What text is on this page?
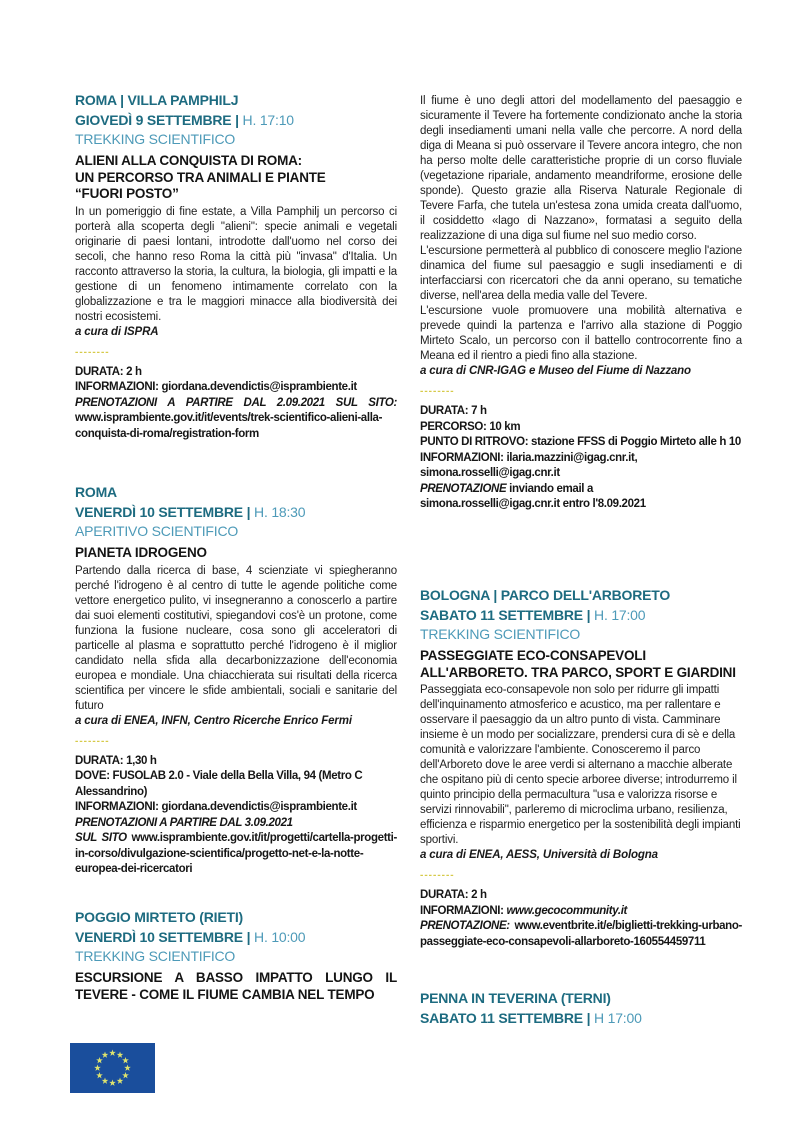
ROMA | VILLA PAMPHILJ
GIOVEDÌ 9 SETTEMBRE | H. 17:10
TREKKING SCIENTIFICO
ALIENI ALLA CONQUISTA DI ROMA:
UN PERCORSO TRA ANIMALI E PIANTE
“FUORI POSTO”
In un pomeriggio di fine estate, a Villa Pamphilj un percorso ci porterà alla scoperta degli "alieni": specie animali e vegetali originarie di paesi lontani, introdotte dall'uomo nel corso dei secoli, che hanno reso Roma la città più "invasa" d'Italia. Un racconto attraverso la storia, la cultura, la biologia, gli impatti e la gestione di un fenomeno intimamente correlato con la globalizzazione e tra le maggiori minacce alla biodiversità dei nostri ecosistemi.
a cura di ISPRA
--------
DURATA: 2 h
INFORMAZIONI: giordana.devendictis@isprambiente.it
PRENOTAZIONI A PARTIRE DAL 2.09.2021 SUL SITO:
www.isprambiente.gov.it/it/events/trek-scientifico-alieni-alla-conquista-di-roma/registration-form
ROMA
VENERDÌ 10 SETTEMBRE | H. 18:30
APERITIVO SCIENTIFICO
PIANETA IDROGENO
Partendo dalla ricerca di base, 4 scienziate vi spiegheranno perché l'idrogeno è al centro di tutte le agende politiche come vettore energetico pulito, vi insegneranno a conoscerlo a partire dai suoi elementi costitutivi, spiegandovi cos'è un protone, come funziona la fusione nucleare, cosa sono gli acceleratori di particelle al plasma e soprattutto perché l'idrogeno è il miglior candidato nella sfida alla decarbonizzazione dell'economia europea e mondiale. Una chiacchierata sui risultati della ricerca scientifica per vincere le sfide ambientali, sociali e sanitarie del futuro
a cura di ENEA, INFN, Centro Ricerche Enrico Fermi
--------
DURATA: 1,30 h
DOVE: FUSOLAB 2.0 - Viale della Bella Villa, 94 (Metro C Alessandrino)
INFORMAZIONI: giordana.devendictis@isprambiente.it
PRENOTAZIONI A PARTIRE DAL 3.09.2021
SUL SITO www.isprambiente.gov.it/it/progetti/cartella-progetti-in-corso/divulgazione-scientifica/progetto-net-e-la-notte-europea-dei-ricercatori
POGGIO MIRTETO (RIETI)
VENERDÌ 10 SETTEMBRE | H. 10:00
TREKKING SCIENTIFICO
ESCURSIONE A BASSO IMPATTO LUNGO IL
TEVERE - COME IL FIUME CAMBIA NEL TEMPO
Il fiume è uno degli attori del modellamento del paesaggio e sicuramente il Tevere ha fortemente condizionato anche la storia degli insediamenti umani nella valle che percorre. A nord della diga di Meana si può osservare il Tevere ancora integro, che non ha perso molte delle caratteristiche proprie di un corso fluviale (vegetazione ripariale, andamento meandriforme, erosione delle sponde). Questo grazie alla Riserva Naturale Regionale di Tevere Farfa, che tutela un'estesa zona umida creata dall'uomo, il cosiddetto «lago di Nazzano», formatasi a seguito della realizzazione di una diga sul fiume nel suo medio corso.
L'escursione permetterà al pubblico di conoscere meglio l'azione dinamica del fiume sul paesaggio e sugli insediamenti e di interfacciarsi con ricercatori che da anni operano, su tematiche diverse, nell'area della media valle del Tevere.
L'escursione vuole promuovere una mobilità alternativa e prevede quindi la partenza e l'arrivo alla stazione di Poggio Mirteto Scalo, un percorso con il battello controcorrente fino a Meana ed il rientro a piedi fino alla stazione.
a cura di CNR-IGAG e Museo del Fiume di Nazzano
--------
DURATA: 7 h
PERCORSO: 10 km
PUNTO DI RITROVO: stazione FFSS di Poggio Mirteto alle h 10
INFORMAZIONI: ilaria.mazzini@igag.cnr.it,
simona.rosselli@igag.cnr.it
PRENOTAZIONE inviando email a
simona.rosselli@igag.cnr.it entro l'8.09.2021
BOLOGNA | PARCO DELL'ARBORETO
SABATO 11 SETTEMBRE | H. 17:00
TREKKING SCIENTIFICO
PASSEGGIATE ECO-CONSAPEVOLI
ALL'ARBORETO. TRA PARCO, SPORT E GIARDINI
Passeggiata eco-consapevole non solo per ridurre gli impatti dell'inquinamento atmosferico e acustico, ma per rallentare e osservare il paesaggio da un altro punto di vista. Camminare insieme è un modo per socializzare, prendersi cura di sè e della comunità e valorizzare l'ambiente. Conosceremo il parco dell'Arboreto dove le aree verdi si alternano a macchie alberate che ospitano più di cento specie arboree diverse; introdurremo il quinto principio della permacultura "usa e valorizza risorse e servizi rinnovabili", parleremo di microclima urbano, resilienza, efficienza e risparmio energetico per la sostenibilità degli impianti sportivi.
a cura di ENEA, AESS, Università di Bologna
--------
DURATA: 2 h
INFORMAZIONI: www.gecocommunity.it
PRENOTAZIONE: www.eventbrite.it/e/biglietti-trekking-urbano-passeggiate-eco-consapevoli-allarboreto-160554459711
PENNA IN TEVERINA (TERNI)
SABATO 11 SETTEMBRE | H 17:00
